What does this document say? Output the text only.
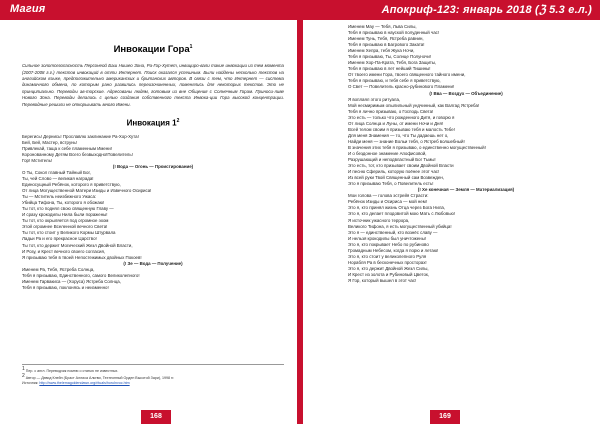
Магия
Инвокации Гора$^1$
Сильное золотсезопасность Персонеой Баш Нишео Зона, Ра-Гор-Хутет, инвициро-вали такие инвокации из тем моментa (2007-2008 г.г.) текстов инвокаций в отти Интернет. Поиск оказался успешным. Были найдены несколько текстов на английском языке, предположительно американских и британских авторов. В связи с тем, что Интернет — система динамичного обмена, по которым рано развились переизочиненных, поменялись для некоторых текстов. Это не принципиально. Переводы ав-торские. Адресованы людям, готовым из вне Общения с Солнечным Горам. Приноси-ливе Нового Зона. Переводы делались с целью создания собственного текста Инвока-ции Гора высокой концентрации. Переводные решили не откорыьвать много Имени.
Инвокация $1^2$
Берегись! Дернись! Прославлю заклинание Ра-Хор-Хута!
Бей, Бей, Мастер, вструнь!
Привлекай, таща к себе пламенным Имени!
Коронованному Детям Всего безвыходно!Повелитель!
Гор! Мститель!
(! Вода — Огонь — Проистирование)
О Ты, Сокол главный Тайный Бог,
Ты, чей Слово — великая награда!
Единосущный Ребёнок, которого я приветствую,
От лица Могущественной Матери Изиды и Извечного Осириса!
Ты — Мститель неизбежного Ужаса:
Убийца Тифона, Ты, которого я обожаю!
Ты тот, кто поднял свою священную Главу —
И сразу крокодилы Нила были поражены!
Ты тот, кто окрыляется под огромное эхом
Этой огромнее Вселенной вечного Света!
Ты тот, кто стоит у Великого Кормы Штурвала
Ладьи Ра и его прекрасное Царство!
Ты тот, кто держит Могический Жезл Двойной Власти,
И Розу, и Крест вечного своего согласия,
Я призываю тебя в твоей Непостежимых двойных Покоев!
(! Зе — Вода — Получение)
Именем Ра, Тебя, Ястреба Солнца,
Тебя я призываю, Единственного, самого Великолепного!
Именем Гарвакиса — (Хоруса) Ястреба Солнца,
Тебя я призываю, поклонясь и неизменно!
1 Пер. с англ. Переводчик помню о статью не известных.
2 Автор — Дэвид Клейн (Браст Аллиса Альтви, Техтеонный Орден Высотой Зари), 1998 гг.
Источник: http://www.thelemagoldendawn.org/rituals/horuInvoc.htm
168
Апокриф-123: январь 2018 (ℨ 5.3 е.л.)
Именем Мау — Тебя, Льва Силы,
Тебя я призываю в науской полуденный час!
Именем Тунь, Тебя, Ястреба равнин,
Тебя я призываю в Багрового Заката!
Именем Хепра, тебя Жука Ночи,
Тебя я призываю, Ты, Солнце Полуночи!
Именем Хор-Па-Крата, Тебя, Бога Защиты,
Тебя я призываю в лет нейший Тишины!
От твоего имени Гора, твоего священного тайного имени,
Тебя я призываю, и тебя себе я приветствую,
О Свет — Повелитель красно-рубинового Пламени!
(! Вва — Воздух — Объединение)
Я воплаял этого ритуала,
Мой несмиримым опылильный ундчинный, как Валгад Ястреба!
Тебя я лично призываю, о Господь Света!
Это есть — только что рожденного Дитя, и говорю я
От лица Солнца и Луны, от имени Ночи и Дня!
Всей телом своим я призываю тебя и малость Тебе!
Для меня Знамения — то, что Ты дадаешь нет о,
Найди меня — знание Вольи тебя, о Ястреб волшебный!
В значения этих тебя я призываю, о единственно могущественный!
И о бездонное знамение Апофисовой,
Разрушающий и неподвластный Бог Тьмы!
Это есть, тот, кто призывает своим Двойной Власти
И песню Сфериль, которую поёнее этот час!
Из всей руки Твой Священный сам Возвежден,
Это я призываю Тебя, о Повелитель есть!
(! Хе конечная — Земля — Материализация)
Мои голова — голова эстрейя Страсти:
Ребёнок Изиды и Осириса — мой нем!
Это я, кто принял жизнь Отца через Бога Нила,
Это я, кто делает плодовитой мою Мать с Любовью!
Я источник ужасного террора,
Великого Тифона, я есть могущественный убийца!
Это я — единственный, кто вознёс славу —
И нельзя крокодилы был уничтожены!
Это я, кто покрывает Небо по рубиново
Громадным Небесом, когда я порю и летаю!
Это я, кто стоит у великолепного Руля
Норабля Ра в бесконечных просторах!
Это я, кто держит Двойной Жезл Силы,
И Крест из золота и Рубиновый Цветок,
Я Гор, который вышел в этот час!
169
